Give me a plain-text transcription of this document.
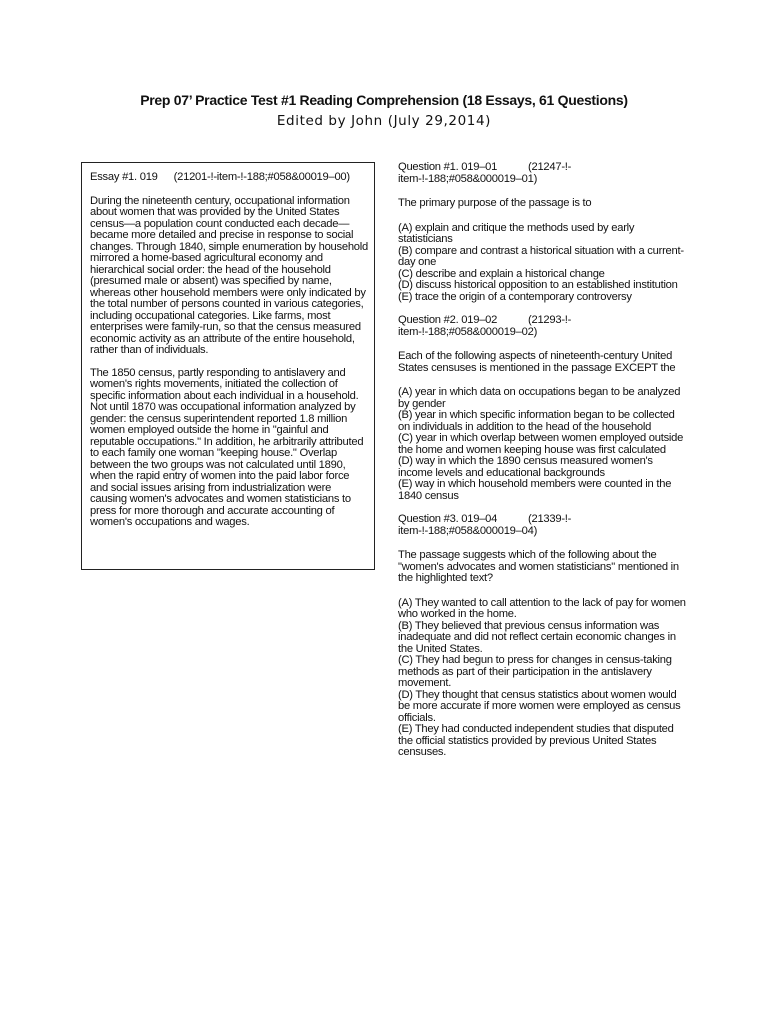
Prep 07’ Practice Test #1 Reading Comprehension (18 Essays, 61 Questions)
Edited by John (July 29,2014)
Essay #1. 019 (21201-!-item-!-188;#058&00019–00)

During the nineteenth century, occupational information about women that was provided by the United States census—a population count conducted each decade—became more detailed and precise in response to social changes. Through 1840, simple enumeration by household mirrored a home-based agricultural economy and hierarchical social order: the head of the household (presumed male or absent) was specified by name, whereas other household members were only indicated by the total number of persons counted in various categories, including occupational categories. Like farms, most enterprises were family-run, so that the census measured economic activity as an attribute of the entire household, rather than of individuals.

The 1850 census, partly responding to antislavery and women's rights movements, initiated the collection of specific information about each individual in a household. Not until 1870 was occupational information analyzed by gender: the census superintendent reported 1.8 million women employed outside the home in "gainful and reputable occupations." In addition, he arbitrarily attributed to each family one woman "keeping house." Overlap between the two groups was not calculated until 1890, when the rapid entry of women into the paid labor force and social issues arising from industrialization were causing women's advocates and women statisticians to press for more thorough and accurate accounting of women's occupations and wages.

Question #1. 019–01	(21247-!-
item-!-188;#058&000019–01)
The primary purpose of the passage is to
(A) explain and critique the methods used by early statisticians
(B) compare and contrast a historical situation with a current-day one
(C) describe and explain a historical change
(D) discuss historical opposition to an established institution
(E) trace the origin of a contemporary controversy
Question #2. 019–02	(21293-!-
item-!-188;#058&000019–02)
Each of the following aspects of nineteenth-century United States censuses is mentioned in the passage EXCEPT the
(A) year in which data on occupations began to be analyzed by gender
(B) year in which specific information began to be collected on individuals in addition to the head of the household
(C) year in which overlap between women employed outside the home and women keeping house was first calculated
(D) way in which the 1890 census measured women's income levels and educational backgrounds
(E) way in which household members were counted in the 1840 census
Question #3. 019–04	(21339-!-
item-!-188;#058&000019–04)
The passage suggests which of the following about the "women's advocates and women statisticians" mentioned in the highlighted text?
(A) They wanted to call attention to the lack of pay for women who worked in the home.
(B) They believed that previous census information was inadequate and did not reflect certain economic changes in the United States.
(C) They had begun to press for changes in census-taking methods as part of their participation in the antislavery movement.
(D) They thought that census statistics about women would be more accurate if more women were employed as census officials.
(E) They had conducted independent studies that disputed the official statistics provided by previous United States censuses.
